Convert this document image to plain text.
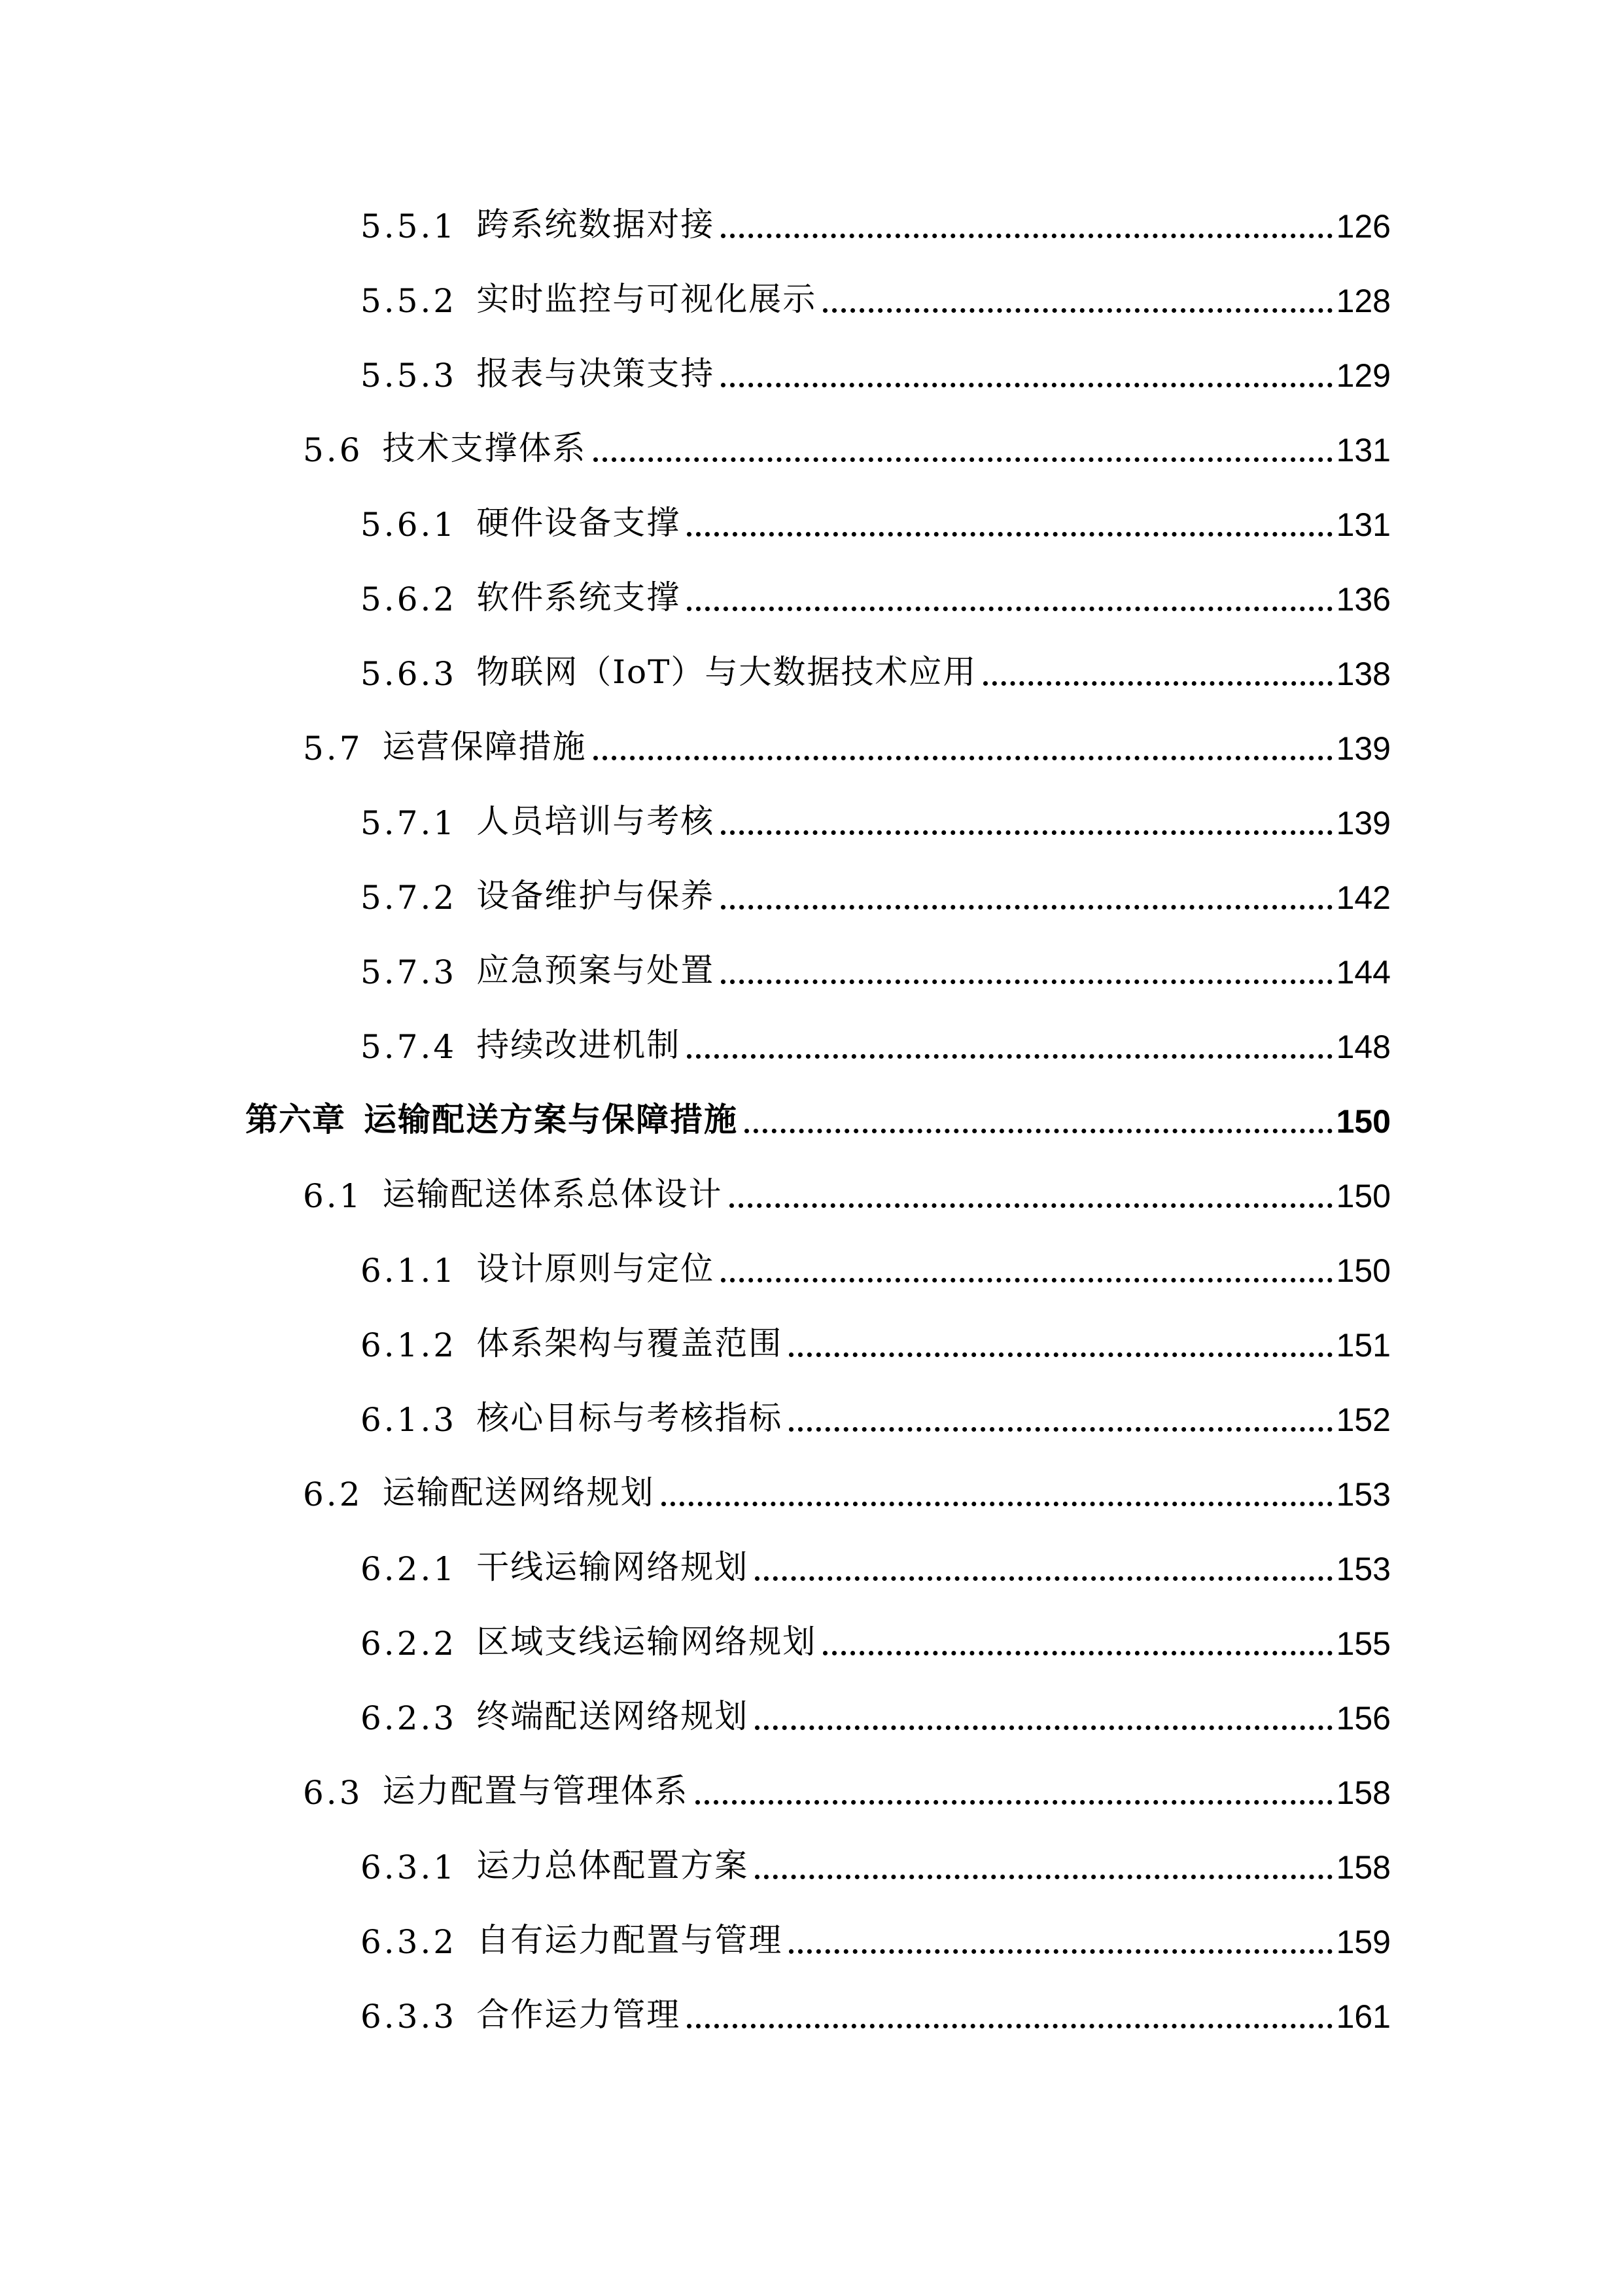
5.5.1 跨系统数据对接	126
5.5.2 实时监控与可视化展示	128
5.5.3 报表与决策支持	129
5.6 技术支撑体系	131
5.6.1 硬件设备支撑	131
5.6.2 软件系统支撑	136
5.6.3 物联网（IoT）与大数据技术应用	138
5.7 运营保障措施	139
5.7.1 人员培训与考核	139
5.7.2 设备维护与保养	142
5.7.3 应急预案与处置	144
5.7.4 持续改进机制	148
第六章 运输配送方案与保障措施	150
6.1 运输配送体系总体设计	150
6.1.1 设计原则与定位	150
6.1.2 体系架构与覆盖范围	151
6.1.3 核心目标与考核指标	152
6.2 运输配送网络规划	153
6.2.1 干线运输网络规划	153
6.2.2 区域支线运输网络规划	155
6.2.3 终端配送网络规划	156
6.3 运力配置与管理体系	158
6.3.1 运力总体配置方案	158
6.3.2 自有运力配置与管理	159
6.3.3 合作运力管理	161
